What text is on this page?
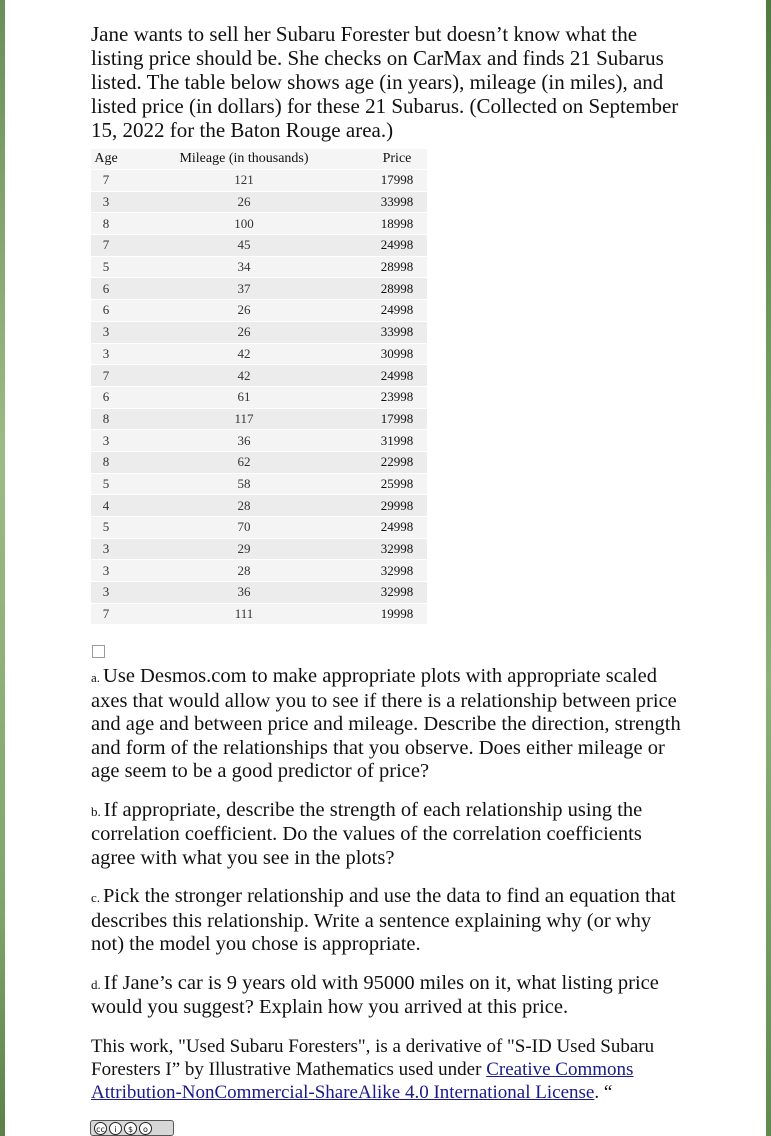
Jane wants to sell her Subaru Forester but doesn’t know what the listing price should be. She checks on CarMax and finds 21 Subarus listed. The table below shows age (in years), mileage (in miles), and listed price (in dollars) for these 21 Subarus. (Collected on September 15, 2022 for the Baton Rouge area.)

Age	Mileage (in thousands)	Price
7	121	17998
3	26	33998
8	100	18998
7	45	24998
5	34	28998
6	37	28998
6	26	24998
3	26	33998
3	42	30998
7	42	24998
6	61	23998
8	117	17998
3	36	31998
8	62	22998
5	58	25998
4	28	29998
5	70	24998
3	29	32998
3	28	32998
3	36	32998
7	111	19998

a. Use Desmos.com to make appropriate plots with appropriate scaled axes that would allow you to see if there is a relationship between price and age and between price and mileage. Describe the direction, strength and form of the relationships that you observe. Does either mileage or age seem to be a good predictor of price?

b. If appropriate, describe the strength of each relationship using the correlation coefficient. Do the values of the correlation coefficients agree with what you see in the plots?

c. Pick the stronger relationship and use the data to find an equation that describes this relationship. Write a sentence explaining why (or why not) the model you chose is appropriate.

d. If Jane’s car is 9 years old with 95000 miles on it, what listing price would you suggest? Explain how you arrived at this price.

This work, "Used Subaru Foresters", is a derivative of "S-ID Used Subaru Foresters I” by Illustrative Mathematics used under Creative Commons Attribution-NonCommercial-ShareAlike 4.0 International License. “

cc	i	$	o
